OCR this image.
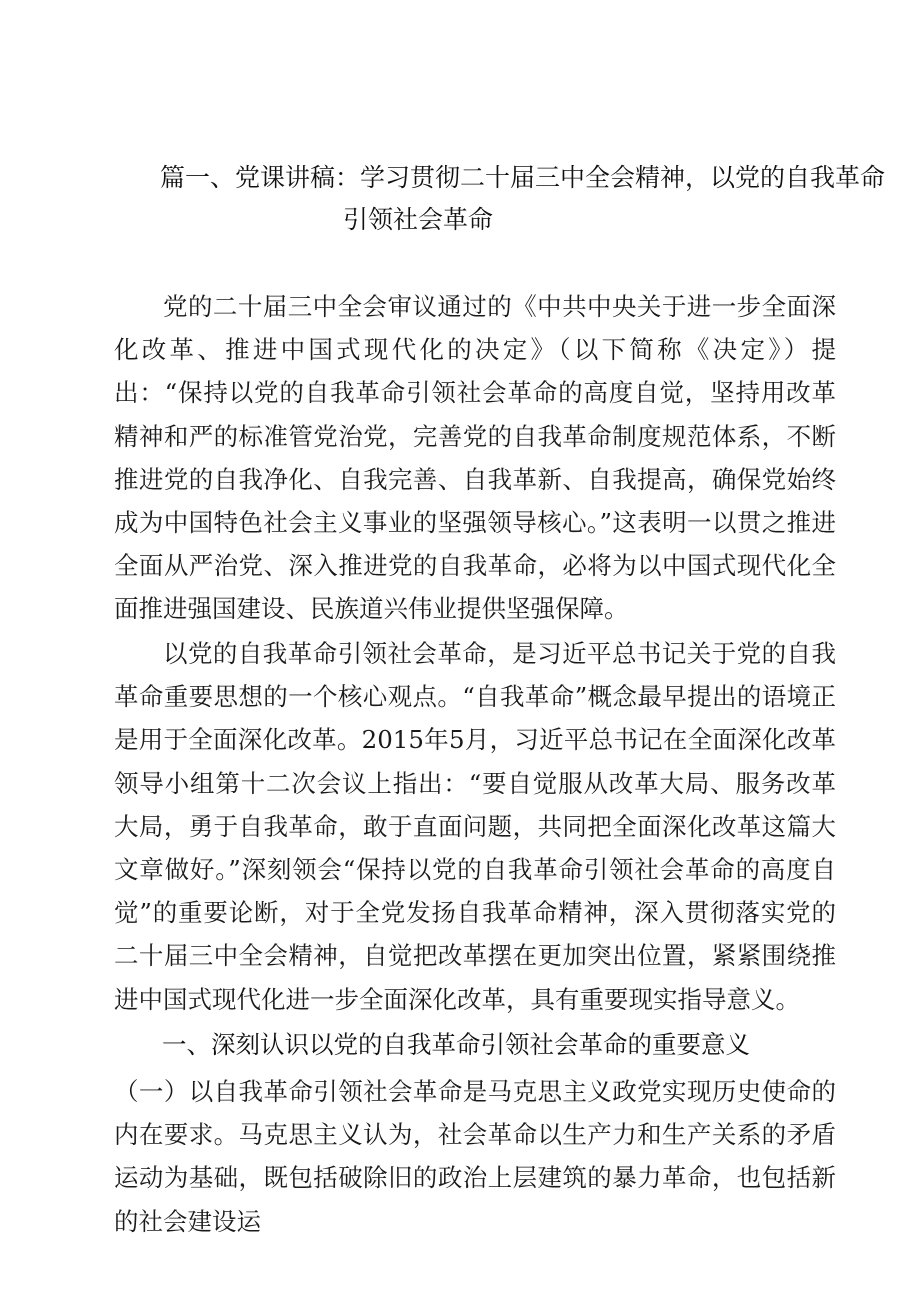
篇一、党课讲稿：学习贯彻二十届三中全会精神，以党的自我革命
引领社会革命

党的二十届三中全会审议通过的《中共中央关于进一步全面深化改革、推进中国式现代化的决定》（以下简称《决定》）提出：“保持以党的自我革命引领社会革命的高度自觉，坚持用改革精神和严的标准管党治党，完善党的自我革命制度规范体系，不断推进党的自我净化、自我完善、自我革新、自我提高，确保党始终成为中国特色社会主义事业的坚强领导核心。”这表明一以贯之推进全面从严治党、深入推进党的自我革命，必将为以中国式现代化全面推进强国建设、民族道兴伟业提供坚强保障。

以党的自我革命引领社会革命，是习近平总书记关于党的自我革命重要思想的一个核心观点。“自我革命”概念最早提出的语境正是用于全面深化改革。2015年5月，习近平总书记在全面深化改革领导小组第十二次会议上指出：“要自觉服从改革大局、服务改革大局，勇于自我革命，敢于直面问题，共同把全面深化改革这篇大文章做好。”深刻领会“保持以党的自我革命引领社会革命的高度自觉”的重要论断，对于全党发扬自我革命精神，深入贯彻落实党的二十届三中全会精神，自觉把改革摆在更加突出位置，紧紧围绕推进中国式现代化进一步全面深化改革，具有重要现实指导意义。

一、深刻认识以党的自我革命引领社会革命的重要意义

（一）以自我革命引领社会革命是马克思主义政党实现历史使命的内在要求。马克思主义认为，社会革命以生产力和生产关系的矛盾运动为基础，既包括破除旧的政治上层建筑的暴力革命，也包括新的社会建设运
